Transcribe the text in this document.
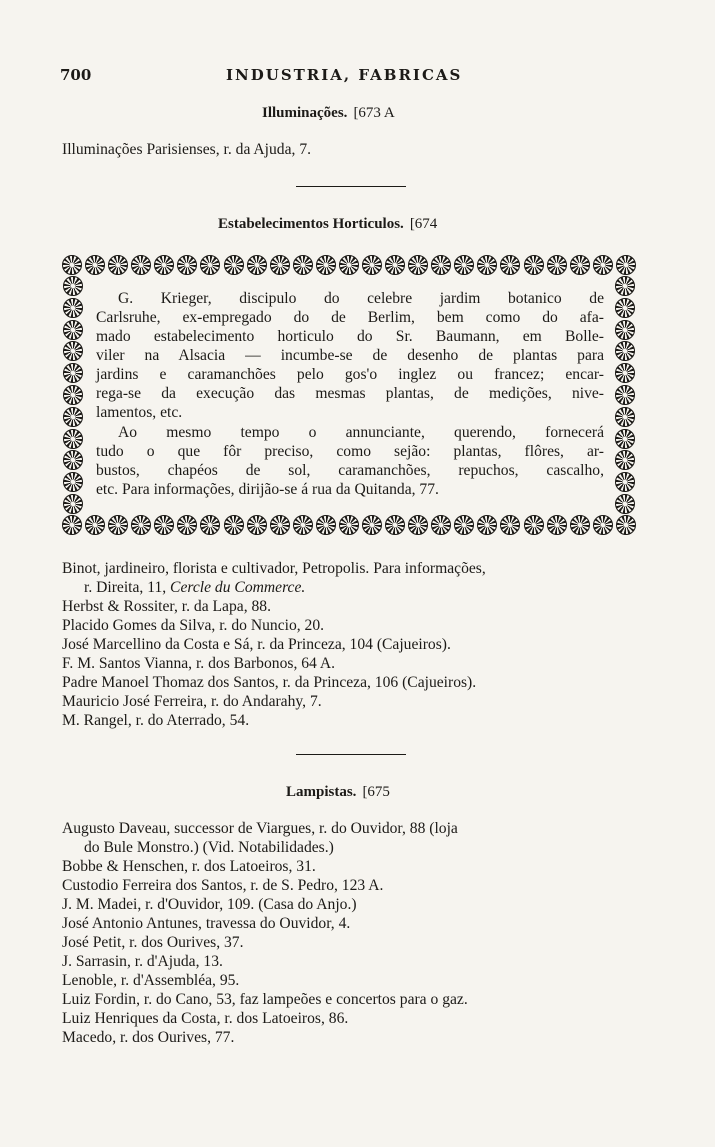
700	INDUSTRIA, FABRICAS
Illuminações. [673 A
Illuminações Parisienses, r. da Ajuda, 7.
Estabelecimentos Horticulos. [674
G. Krieger, discipulo do celebre jardim botanico de
Carlsruhe, ex-empregado do de Berlim, bem como do afa-
mado estabelecimento horticulo do Sr. Baumann, em Bolle-
viler na Alsacia — incumbe-se de desenho de plantas para
jardins e caramanchões pelo gos'o inglez ou francez; encar-
rega-se da execução das mesmas plantas, de medições, nive-
lamentos, etc.
Ao mesmo tempo o annunciante, querendo, fornecerá
tudo o que fôr preciso, como sejão: plantas, flôres, ar-
bustos, chapéos de sol, caramanchões, repuchos, cascalho,
etc. Para informações, dirijão-se á rua da Quitanda, 77.
Binot, jardineiro, florista e cultivador, Petropolis. Para informações,
r. Direita, 11, Cercle du Commerce.
Herbst & Rossiter, r. da Lapa, 88.
Placido Gomes da Silva, r. do Nuncio, 20.
José Marcellino da Costa e Sá, r. da Princeza, 104 (Cajueiros).
F. M. Santos Vianna, r. dos Barbonos, 64 A.
Padre Manoel Thomaz dos Santos, r. da Princeza, 106 (Cajueiros).
Mauricio José Ferreira, r. do Andarahy, 7.
M. Rangel, r. do Aterrado, 54.
Lampistas. [675
Augusto Daveau, successor de Viargues, r. do Ouvidor, 88 (loja
do Bule Monstro.) (Vid. Notabilidades.)
Bobbe & Henschen, r. dos Latoeiros, 31.
Custodio Ferreira dos Santos, r. de S. Pedro, 123 A.
J. M. Madei, r. d'Ouvidor, 109. (Casa do Anjo.)
José Antonio Antunes, travessa do Ouvidor, 4.
José Petit, r. dos Ourives, 37.
J. Sarrasin, r. d'Ajuda, 13.
Lenoble, r. d'Assembléa, 95.
Luiz Fordin, r. do Cano, 53, faz lampeões e concertos para o gaz.
Luiz Henriques da Costa, r. dos Latoeiros, 86.
Macedo, r. dos Ourives, 77.
